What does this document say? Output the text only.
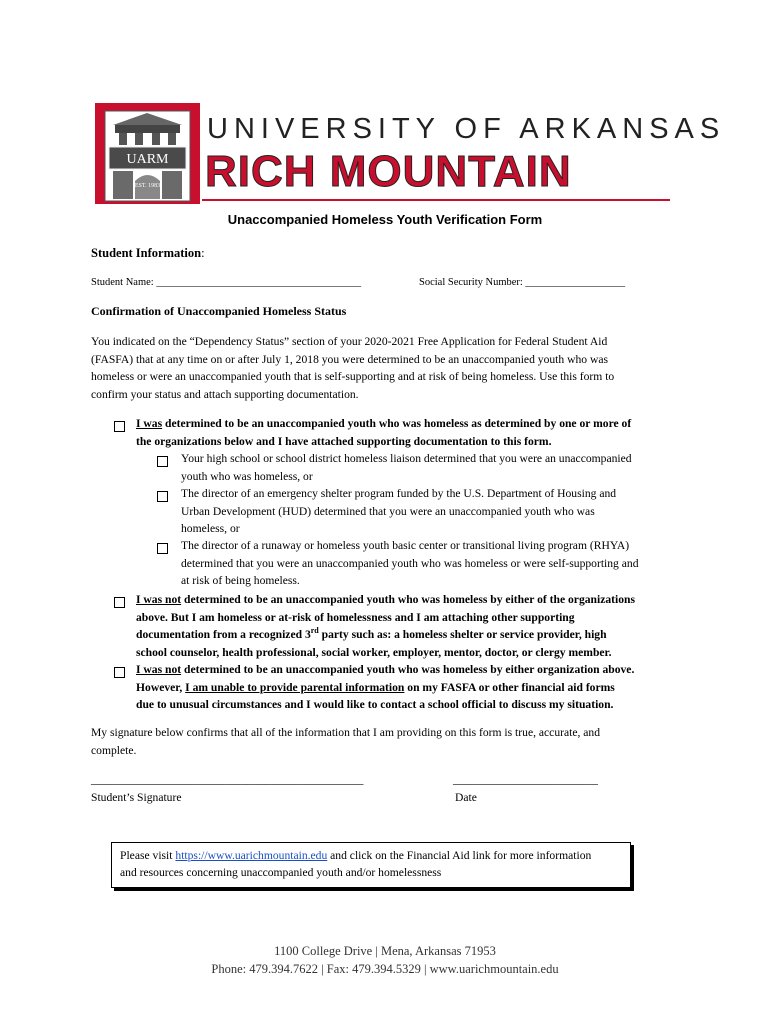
UARM
EST. 1983
UNIVERSITY OF ARKANSAS
RICH MOUNTAIN
Unaccompanied Homeless Youth Verification Form
Student Information:
Student Name: _______________________________________	Social Security Number: ___________________
Confirmation of Unaccompanied Homeless Status
You indicated on the “Dependency Status” section of your 2020-2021 Free Application for Federal Student Aid
(FASFA) that at any time on or after July 1, 2018 you were determined to be an unaccompanied youth who was
homeless or were an unaccompanied youth that is self-supporting and at risk of being homeless. Use this form to
confirm your status and attach supporting documentation.
I was determined to be an unaccompanied youth who was homeless as determined by one or more of
the organizations below and I have attached supporting documentation to this form.
Your high school or school district homeless liaison determined that you were an unaccompanied
youth who was homeless, or
The director of an emergency shelter program funded by the U.S. Department of Housing and
Urban Development (HUD) determined that you were an unaccompanied youth who was
homeless, or
The director of a runaway or homeless youth basic center or transitional living program (RHYA)
determined that you were an unaccompanied youth who was homeless or were self-supporting and
at risk of being homeless.
I was not determined to be an unaccompanied youth who was homeless by either of the organizations
above. But I am homeless or at-risk of homelessness and I am attaching other supporting
documentation from a recognized 3rd party such as: a homeless shelter or service provider, high
school counselor, health professional, social worker, employer, mentor, doctor, or clergy member.
I was not determined to be an unaccompanied youth who was homeless by either organization above.
However, I am unable to provide parental information on my FASFA or other financial aid forms
due to unusual circumstances and I would like to contact a school official to discuss my situation.
My signature below confirms that all of the information that I am providing on this form is true, accurate, and
complete.
_______________________________________________	_________________________
Student’s Signature	Date
Please visit https://www.uarichmountain.edu and click on the Financial Aid link for more information
and resources concerning unaccompanied youth and/or homelessness
1100 College Drive | Mena, Arkansas 71953
Phone: 479.394.7622 | Fax: 479.394.5329 | www.uarichmountain.edu
